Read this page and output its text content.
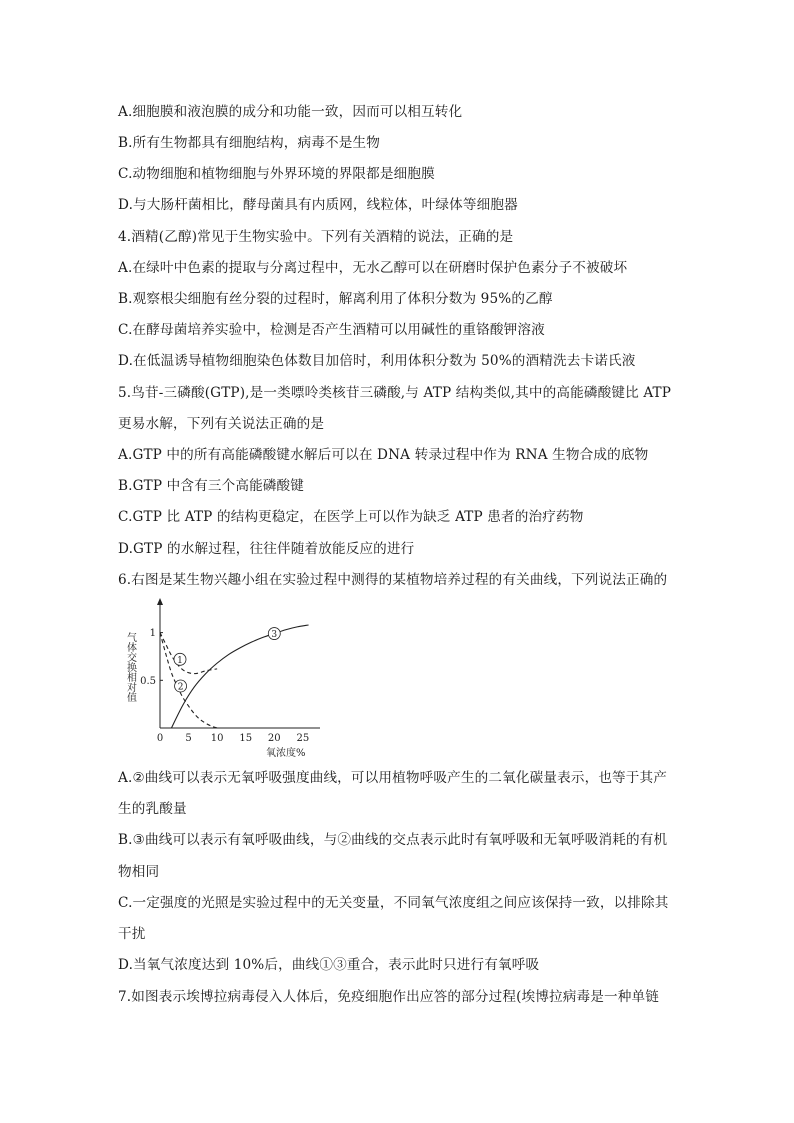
A.细胞膜和液泡膜的成分和功能一致，因而可以相互转化
B.所有生物都具有细胞结构，病毒不是生物
C.动物细胞和植物细胞与外界环境的界限都是细胞膜
D.与大肠杆菌相比，酵母菌具有内质网，线粒体，叶绿体等细胞器
4.酒精(乙醇)常见于生物实验中。下列有关酒精的说法，正确的是
A.在绿叶中色素的提取与分离过程中，无水乙醇可以在研磨时保护色素分子不被破坏
B.观察根尖细胞有丝分裂的过程时，解离利用了体积分数为 95%的乙醇
C.在酵母菌培养实验中，检测是否产生酒精可以用碱性的重铬酸钾溶液
D.在低温诱导植物细胞染色体数目加倍时，利用体积分数为 50%的酒精洗去卡诺氏液
5.鸟苷-三磷酸(GTP),是一类嘌呤类核苷三磷酸,与 ATP 结构类似,其中的高能磷酸键比 ATP
更易水解，下列有关说法正确的是
A.GTP 中的所有高能磷酸键水解后可以在 DNA 转录过程中作为 RNA 生物合成的底物
B.GTP 中含有三个高能磷酸键
C.GTP 比 ATP 的结构更稳定，在医学上可以作为缺乏 ATP 患者的治疗药物
D.GTP 的水解过程，往往伴随着放能反应的进行
6.右图是某生物兴趣小组在实验过程中测得的某植物培养过程的有关曲线，下列说法正确的
0 5 10 15 20 25
0.5
1
氧浓度%
气体交换相对值	1
2
3
A.②曲线可以表示无氧呼吸强度曲线，可以用植物呼吸产生的二氧化碳量表示，也等于其产
生的乳酸量
B.③曲线可以表示有氧呼吸曲线，与②曲线的交点表示此时有氧呼吸和无氧呼吸消耗的有机
物相同
C.一定强度的光照是实验过程中的无关变量，不同氧气浓度组之间应该保持一致，以排除其
干扰
D.当氧气浓度达到 10%后，曲线①③重合，表示此时只进行有氧呼吸
7.如图表示埃博拉病毒侵入人体后，免疫细胞作出应答的部分过程(埃博拉病毒是一种单链
